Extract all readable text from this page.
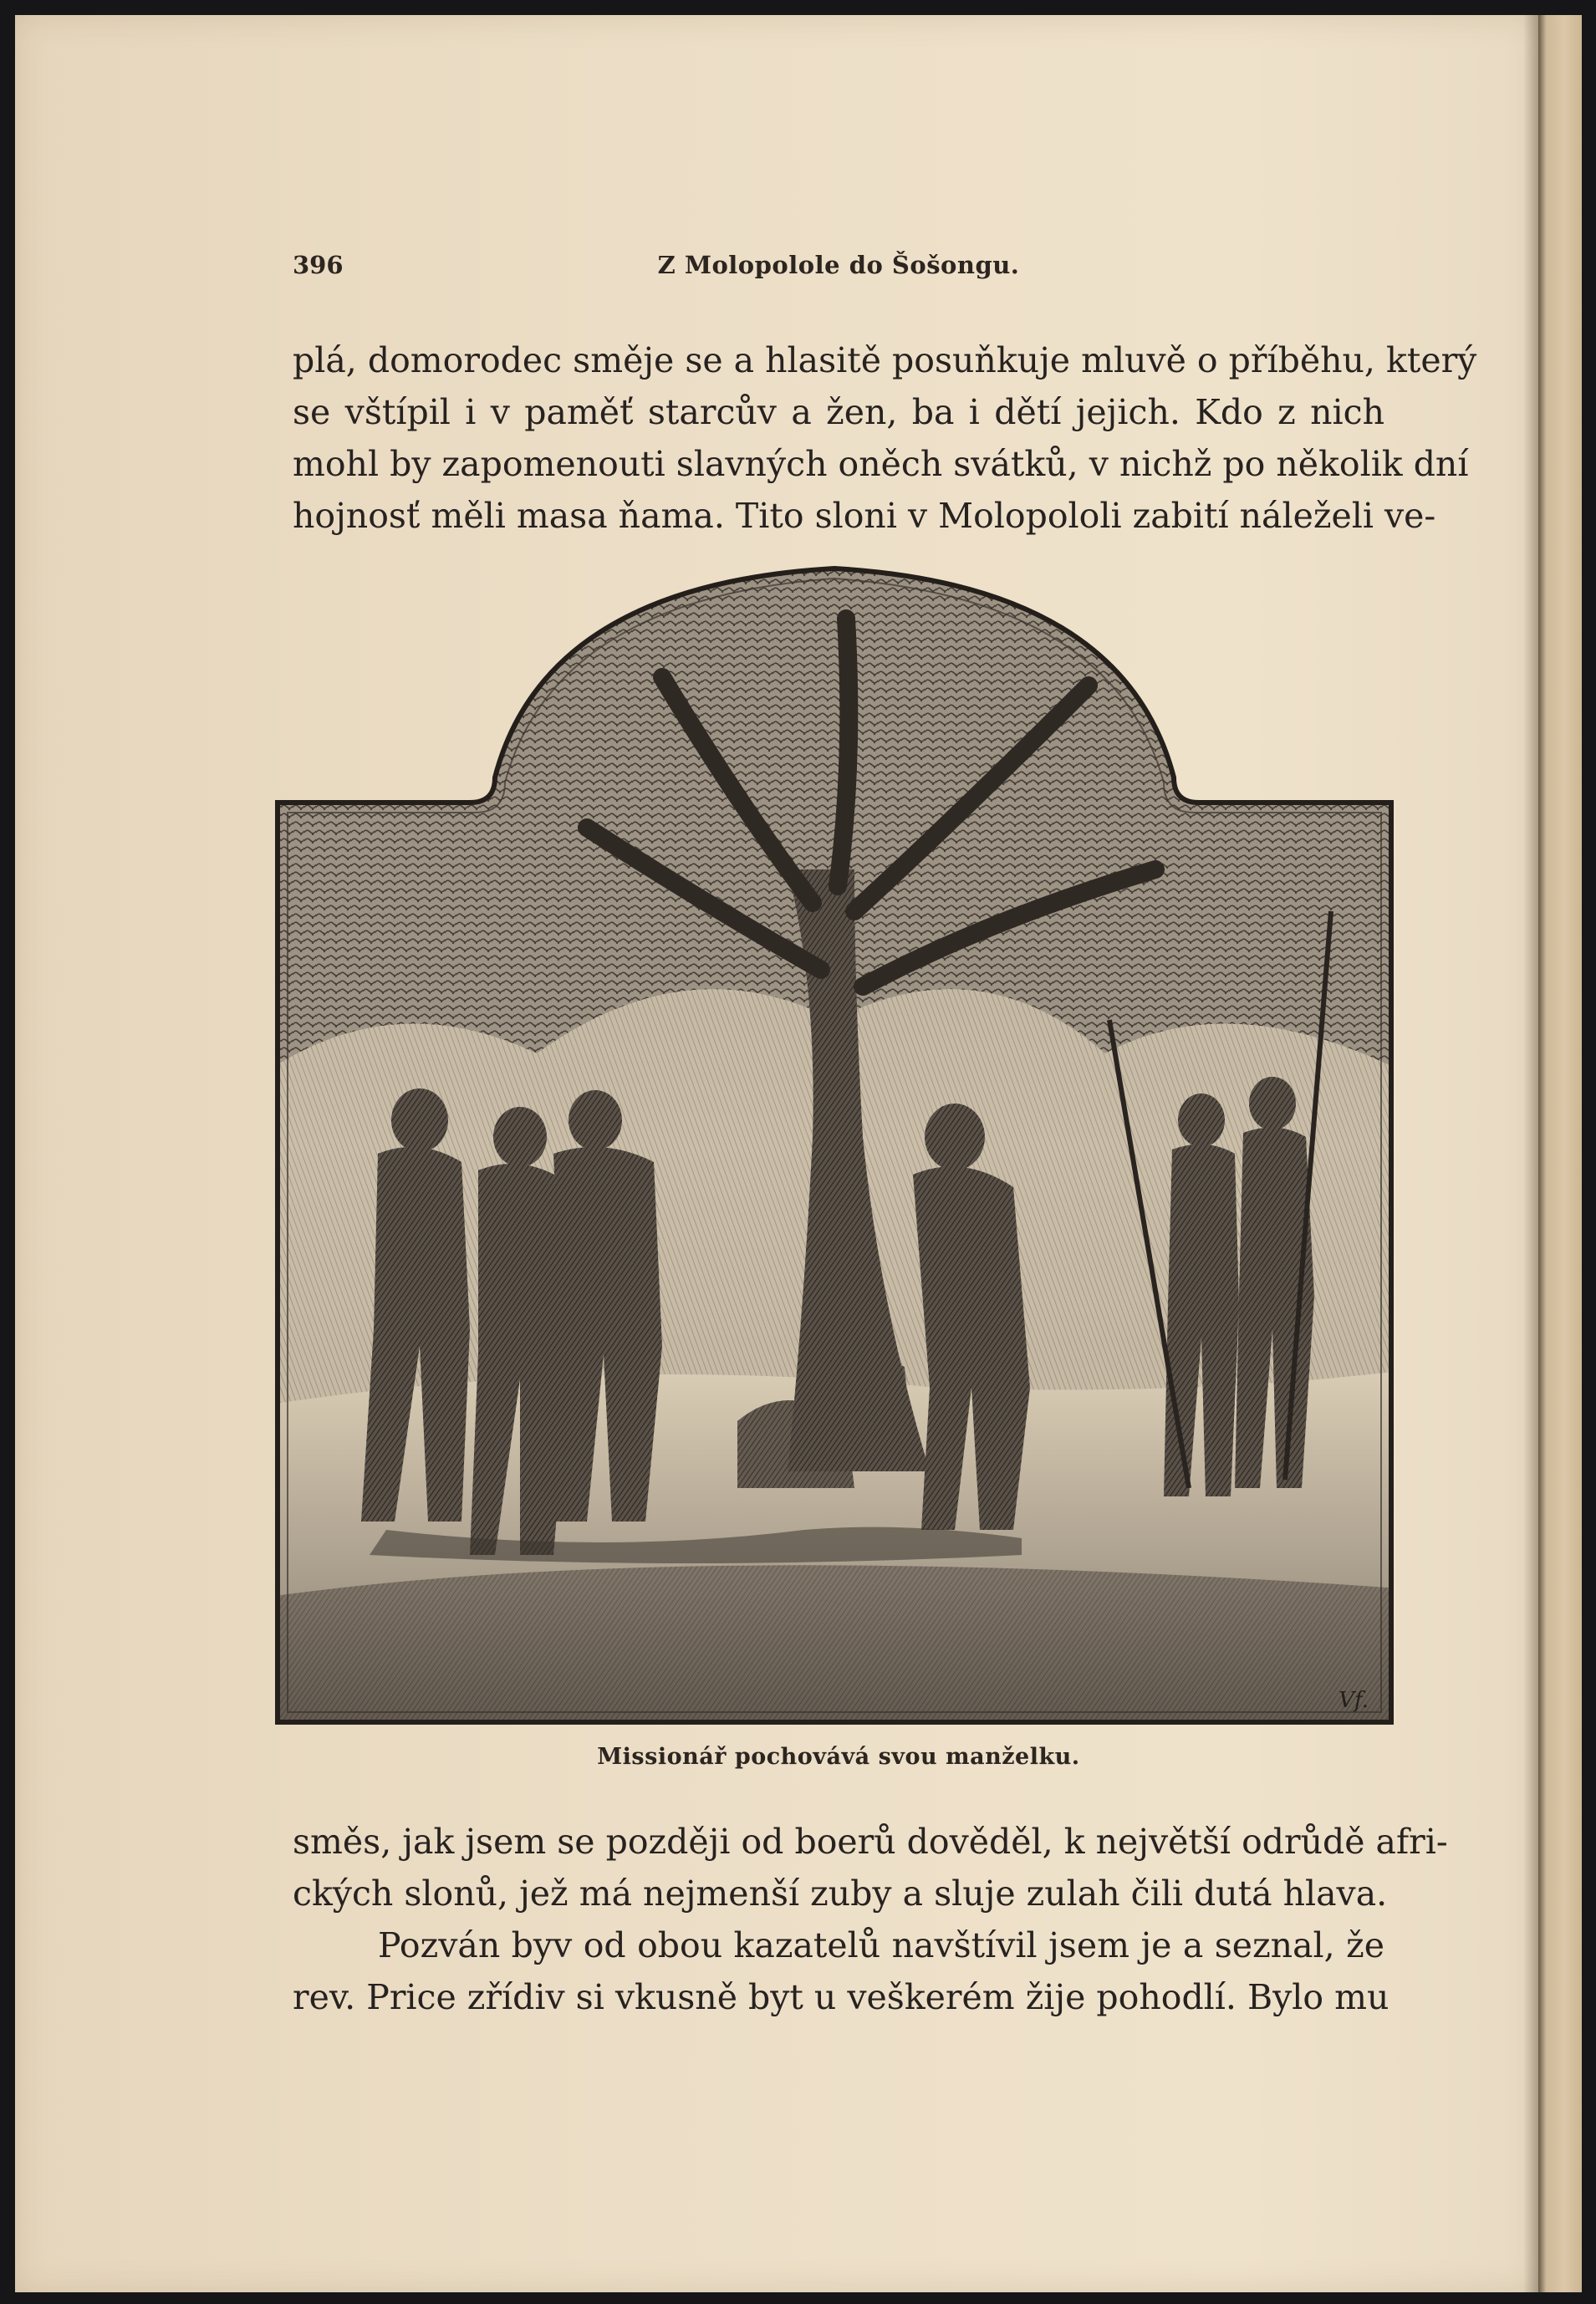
396	Z Molopolole do Šošongu.
plá, domorodec směje se a hlasitě posuňkuje mluvě o příběhu, který
se vštípil i v paměť starcův a žen, ba i dětí jejich. Kdo z nich
mohl by zapomenouti slavných oněch svátků, v nichž po několik dní
hojnosť měli masa ňama. Tito sloni v Molopololi zabití náleželi ve-
Vf.
Missionář pochovává svou manželku.
směs, jak jsem se později od boerů dověděl, k největší odrůdě afri-
ckých slonů, jež má nejmenší zuby a sluje zulah čili dutá hlava.
Pozván byv od obou kazatelů navštívil jsem je a seznal, že
rev. Price zřídiv si vkusně byt u veškerém žije pohodlí. Bylo mu
